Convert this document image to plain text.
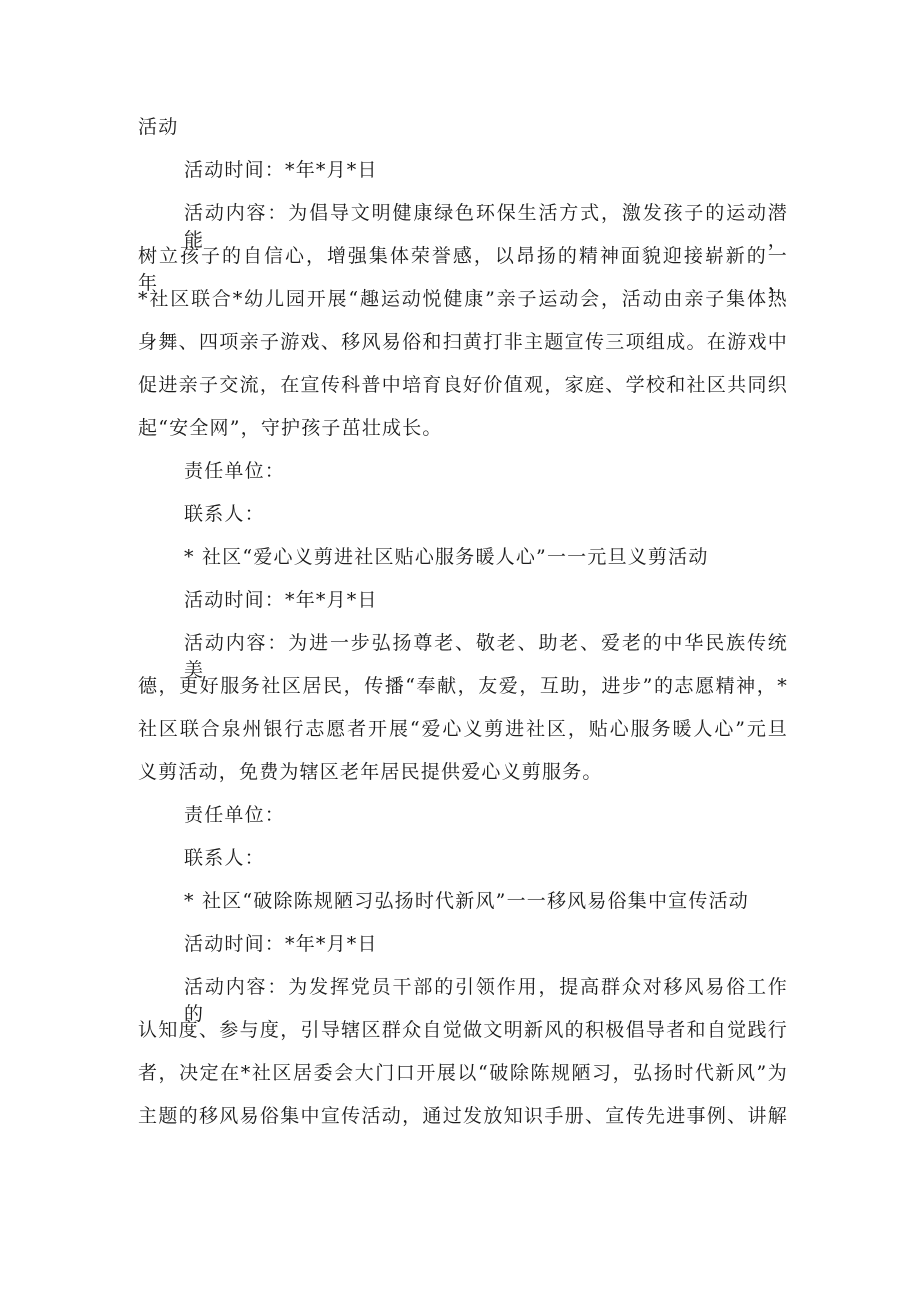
活动
活动时间：*年*月*日
活动内容：为倡导文明健康绿色环保生活方式，激发孩子的运动潜能，
树立孩子的自信心，增强集体荣誉感，以昂扬的精神面貌迎接崭新的一年，
*社区联合*幼儿园开展“趣运动悦健康”亲子运动会，活动由亲子集体热
身舞、四项亲子游戏、移风易俗和扫黄打非主题宣传三项组成。在游戏中
促进亲子交流，在宣传科普中培育良好价值观，家庭、学校和社区共同织
起“安全网”，守护孩子茁壮成长。
责任单位：
联系人：
* 社区“爱心义剪进社区贴心服务暖人心”一一元旦义剪活动
活动时间：*年*月*日
活动内容：为进一步弘扬尊老、敬老、助老、爱老的中华民族传统美
德，更好服务社区居民，传播“奉献，友爱，互助，进步”的志愿精神，*
社区联合泉州银行志愿者开展“爱心义剪进社区，贴心服务暖人心”元旦
义剪活动，免费为辖区老年居民提供爱心义剪服务。
责任单位：
联系人：
* 社区“破除陈规陋习弘扬时代新风”一一移风易俗集中宣传活动
活动时间：*年*月*日
活动内容：为发挥党员干部的引领作用，提高群众对移风易俗工作的
认知度、参与度，引导辖区群众自觉做文明新风的积极倡导者和自觉践行
者，决定在*社区居委会大门口开展以“破除陈规陋习，弘扬时代新风”为
主题的移风易俗集中宣传活动，通过发放知识手册、宣传先进事例、讲解
